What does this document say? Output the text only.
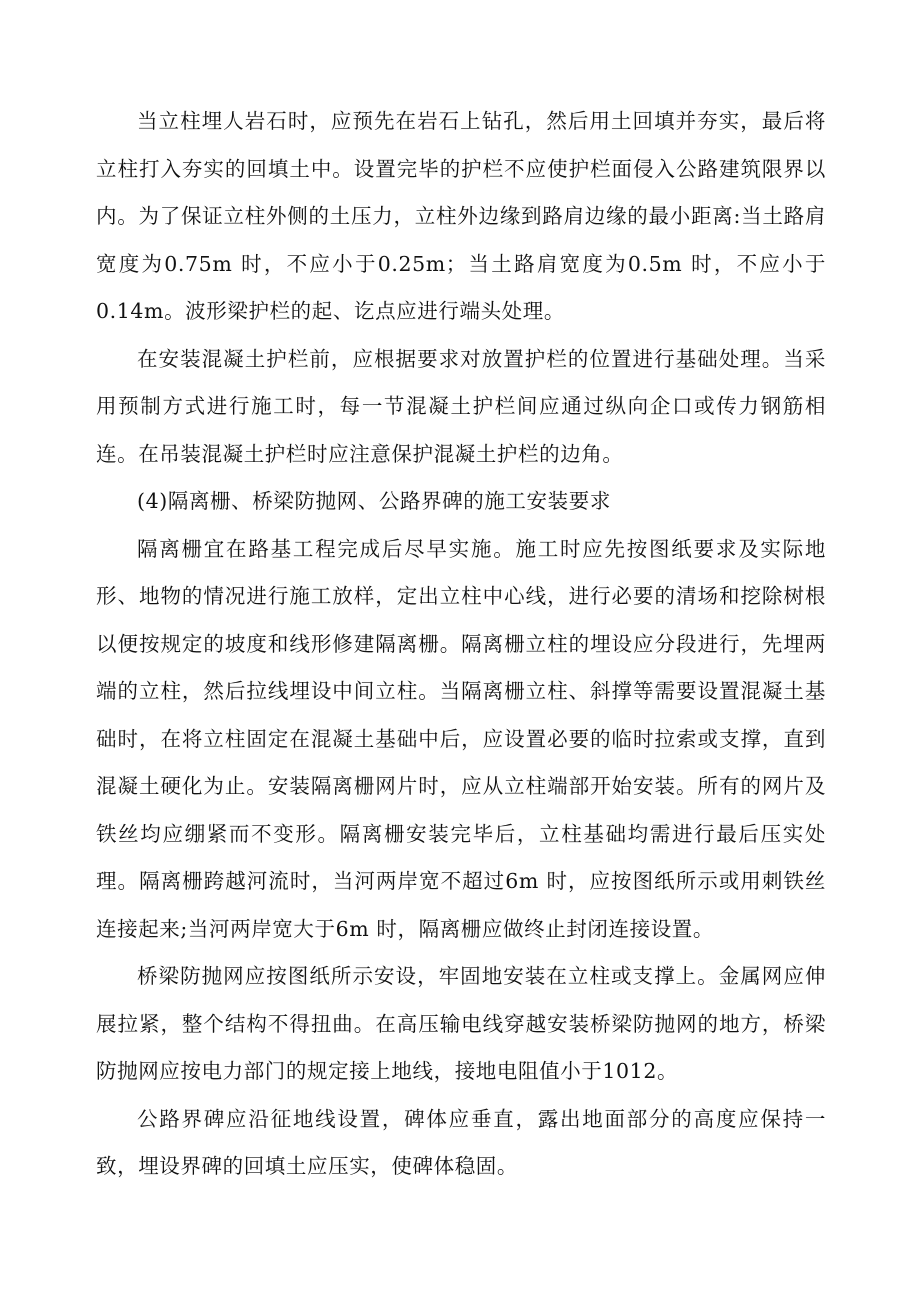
当立柱埋人岩石时，应预先在岩石上钻孔，然后用土回填并夯实，最后将立柱打入夯实的回填土中。设置完毕的护栏不应使护栏面侵入公路建筑限界以内。为了保证立柱外侧的土压力，立柱外边缘到路肩边缘的最小距离:当土路肩宽度为0.75m 时，不应小于0.25m；当土路肩宽度为0.5m 时，不应小于0.14m。波形梁护栏的起、讫点应进行端头处理。

在安装混凝土护栏前，应根据要求对放置护栏的位置进行基础处理。当采用预制方式进行施工时，每一节混凝土护栏间应通过纵向企口或传力钢筋相连。在吊装混凝土护栏时应注意保护混凝土护栏的边角。

(4)隔离栅、桥梁防抛网、公路界碑的施工安装要求

隔离栅宜在路基工程完成后尽早实施。施工时应先按图纸要求及实际地形、地物的情况进行施工放样，定出立柱中心线，进行必要的清场和挖除树根以便按规定的坡度和线形修建隔离栅。隔离栅立柱的埋设应分段进行，先埋两端的立柱，然后拉线埋设中间立柱。当隔离栅立柱、斜撑等需要设置混凝土基础时，在将立柱固定在混凝土基础中后，应设置必要的临时拉索或支撑，直到混凝土硬化为止。安装隔离栅网片时，应从立柱端部开始安装。所有的网片及铁丝均应绷紧而不变形。隔离栅安装完毕后，立柱基础均需进行最后压实处理。隔离栅跨越河流时，当河两岸宽不超过6m 时，应按图纸所示或用刺铁丝连接起来;当河两岸宽大于6m 时，隔离栅应做终止封闭连接设置。

桥梁防抛网应按图纸所示安设，牢固地安装在立柱或支撑上。金属网应伸展拉紧，整个结构不得扭曲。在高压输电线穿越安装桥梁防抛网的地方，桥梁防抛网应按电力部门的规定接上地线，接地电阻值小于1012。

公路界碑应沿征地线设置，碑体应垂直，露出地面部分的高度应保持一致，埋设界碑的回填土应压实，使碑体稳固。
